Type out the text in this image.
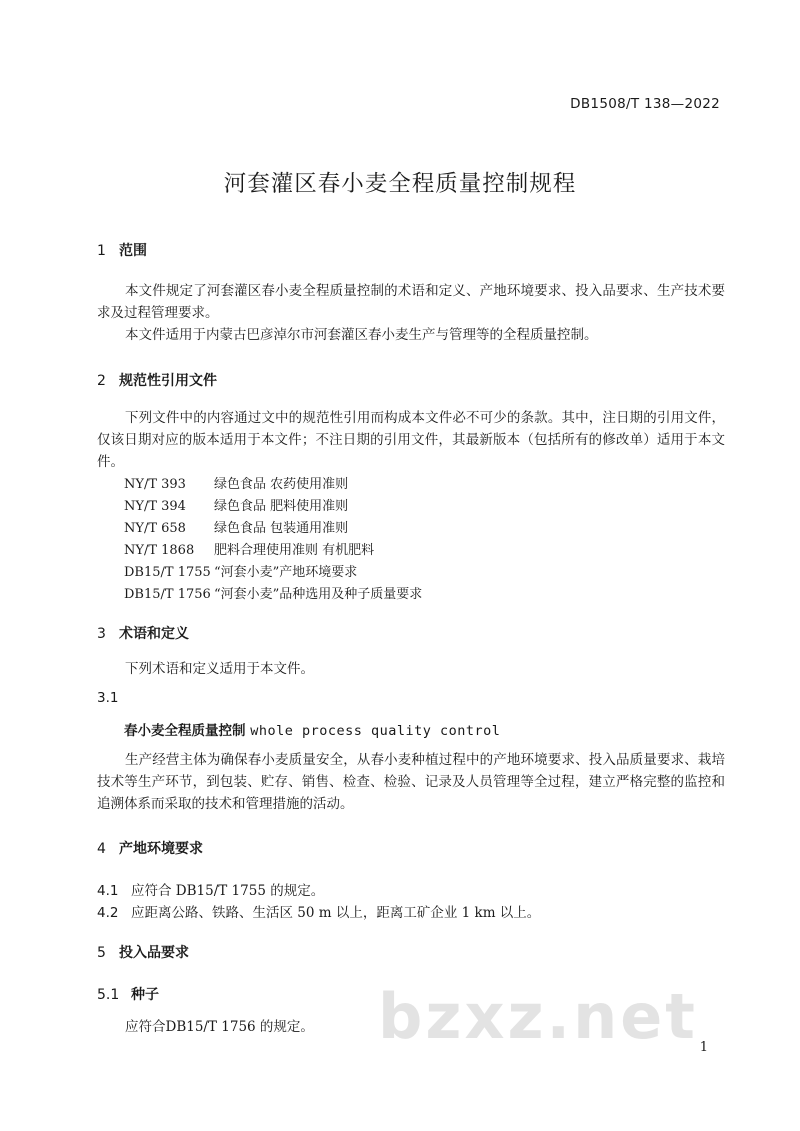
DB1508/T 138—2022
河套灌区春小麦全程质量控制规程
1 范围
本文件规定了河套灌区春小麦全程质量控制的术语和定义、产地环境要求、投入品要求、生产技术要求及过程管理要求。
本文件适用于内蒙古巴彦淖尔市河套灌区春小麦生产与管理等的全程质量控制。
2 规范性引用文件
下列文件中的内容通过文中的规范性引用而构成本文件必不可少的条款。其中，注日期的引用文件，仅该日期对应的版本适用于本文件；不注日期的引用文件，其最新版本（包括所有的修改单）适用于本文件。
NY/T 393 绿色食品 农药使用准则
NY/T 394 绿色食品 肥料使用准则
NY/T 658 绿色食品 包装通用准则
NY/T 1868 肥料合理使用准则 有机肥料
DB15/T 1755 “河套小麦”产地环境要求
DB15/T 1756 “河套小麦”品种选用及种子质量要求
3 术语和定义
下列术语和定义适用于本文件。
3.1
春小麦全程质量控制 whole process quality control
生产经营主体为确保春小麦质量安全，从春小麦种植过程中的产地环境要求、投入品质量要求、栽培技术等生产环节，到包装、贮存、销售、检查、检验、记录及人员管理等全过程，建立严格完整的监控和追溯体系而采取的技术和管理措施的活动。
4 产地环境要求
4.1 应符合 DB15/T 1755 的规定。
4.2 应距离公路、铁路、生活区 50 m 以上，距离工矿企业 1 km 以上。
5 投入品要求
5.1 种子
应符合DB15/T 1756 的规定。	bzxz.net 1
